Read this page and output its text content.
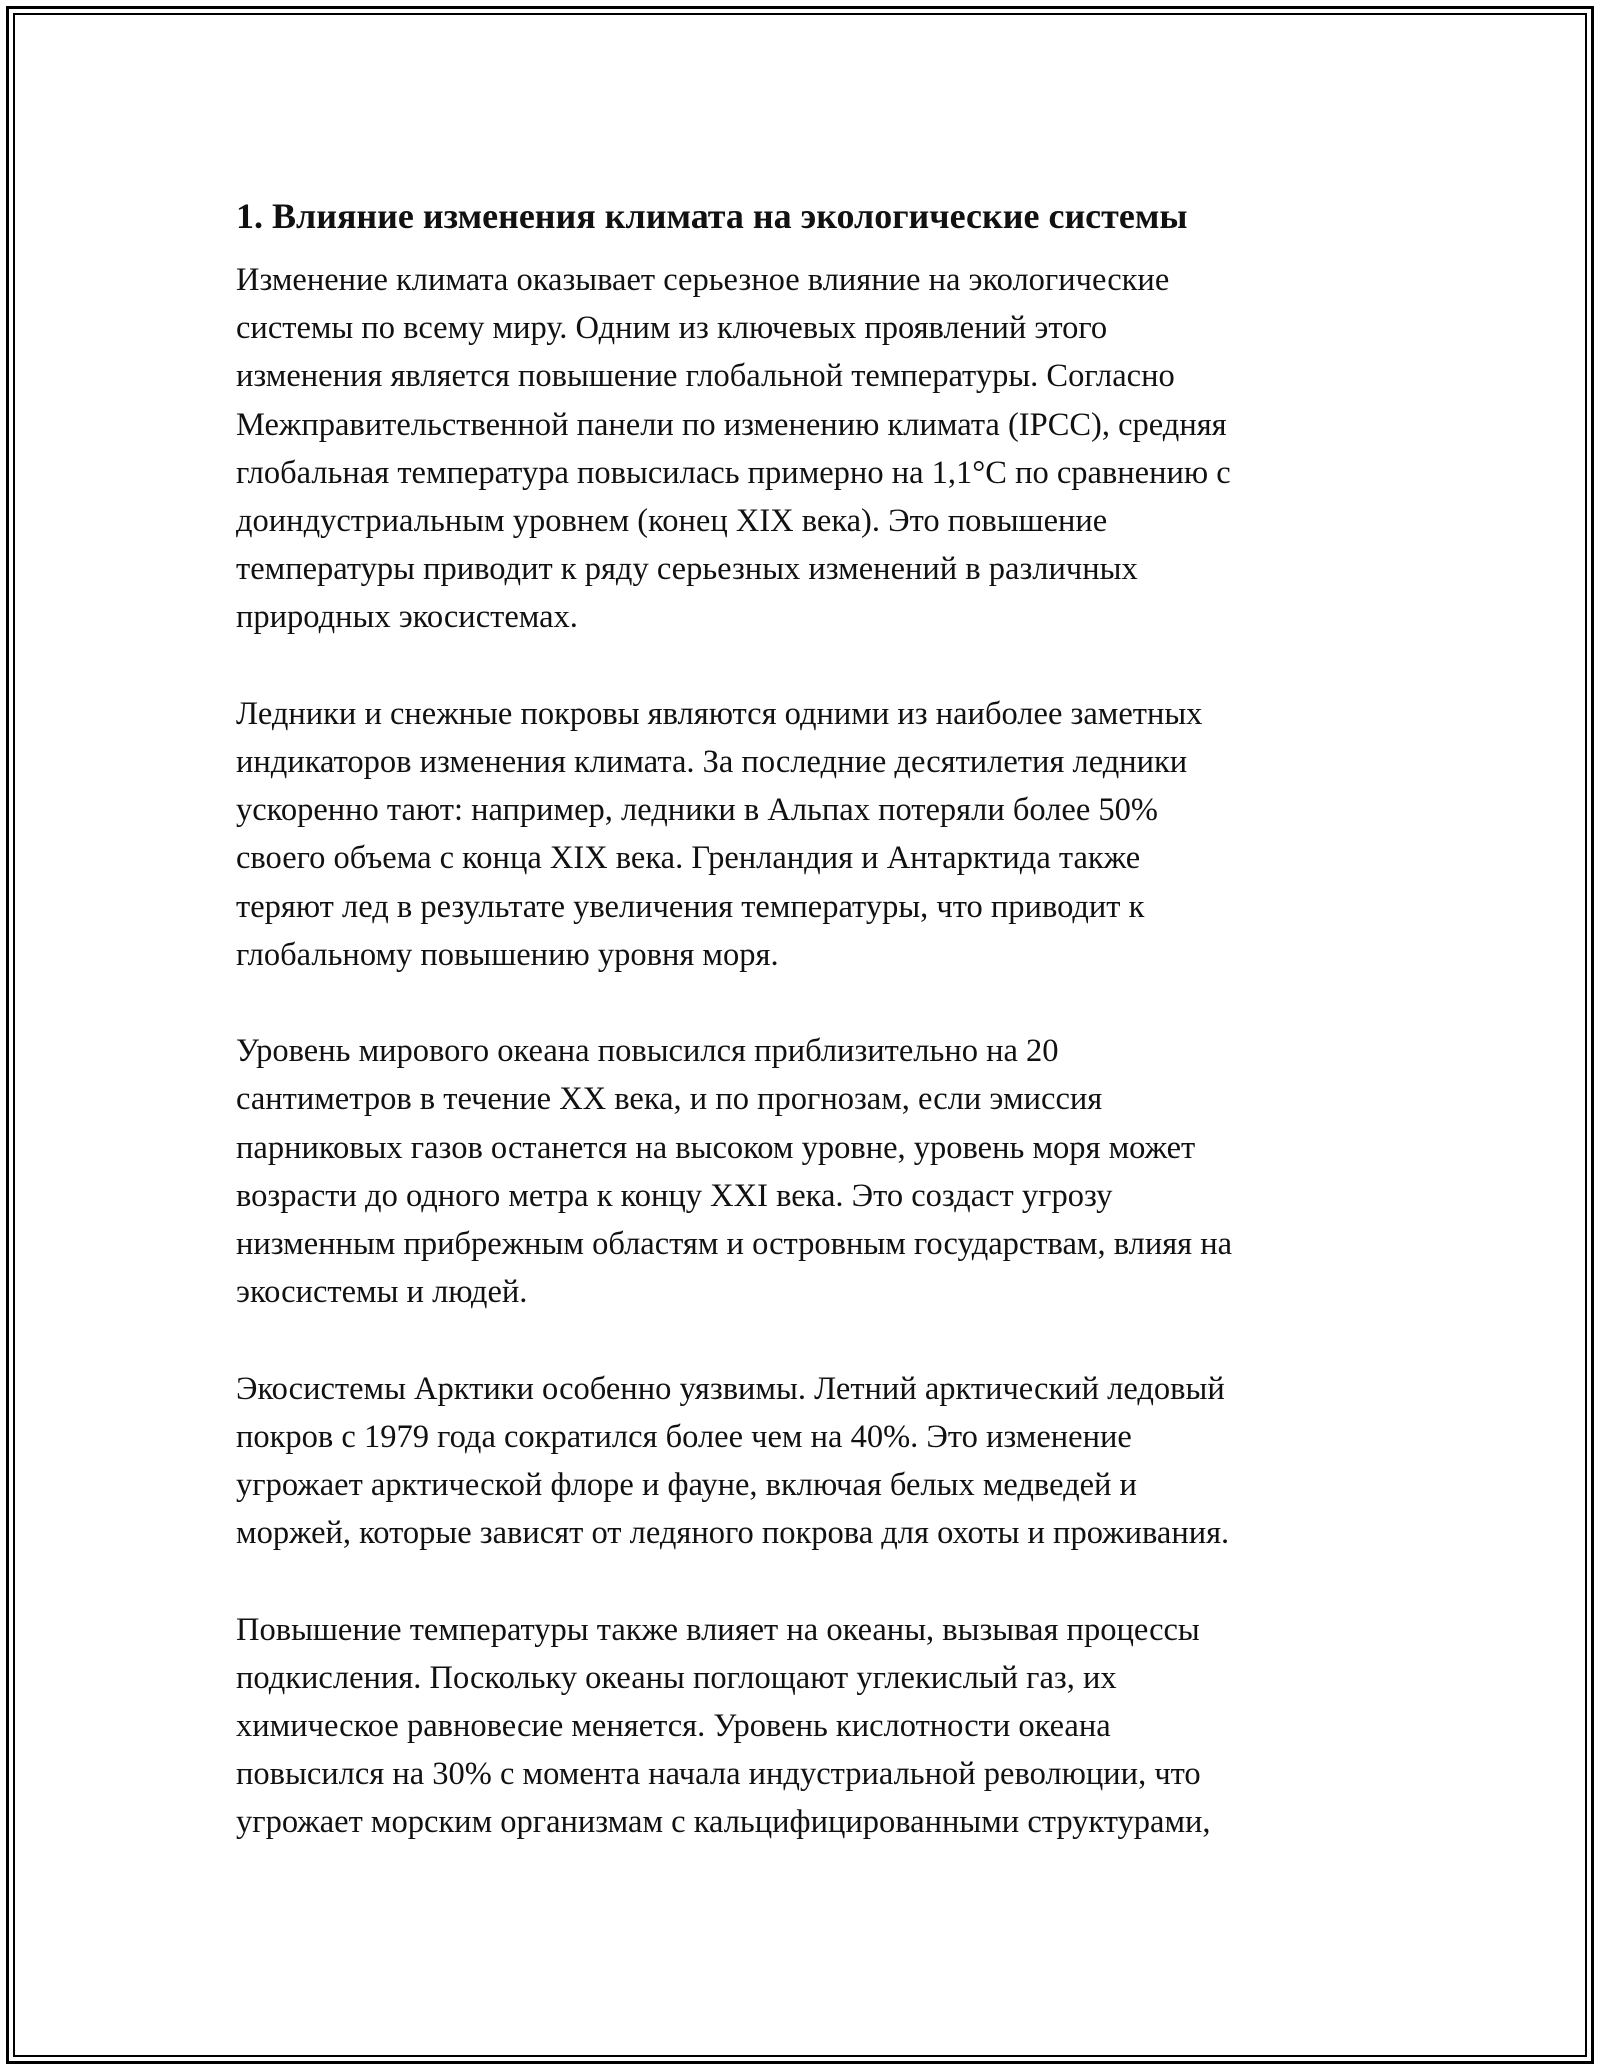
1. Влияние изменения климата на экологические системы
Изменение климата оказывает серьезное влияние на экологические
системы по всему миру. Одним из ключевых проявлений этого
изменения является повышение глобальной температуры. Согласно
Межправительственной панели по изменению климата (IPCC), средняя
глобальная температура повысилась примерно на 1,1°C по сравнению с
доиндустриальным уровнем (конец XIX века). Это повышение
температуры приводит к ряду серьезных изменений в различных
природных экосистемах.
Ледники и снежные покровы являются одними из наиболее заметных
индикаторов изменения климата. За последние десятилетия ледники
ускоренно тают: например, ледники в Альпах потеряли более 50%
своего объема с конца XIX века. Гренландия и Антарктида также
теряют лед в результате увеличения температуры, что приводит к
глобальному повышению уровня моря.
Уровень мирового океана повысился приблизительно на 20
сантиметров в течение XX века, и по прогнозам, если эмиссия
парниковых газов останется на высоком уровне, уровень моря может
возрасти до одного метра к концу XXI века. Это создаст угрозу
низменным прибрежным областям и островным государствам, влияя на
экосистемы и людей.
Экосистемы Арктики особенно уязвимы. Летний арктический ледовый
покров с 1979 года сократился более чем на 40%. Это изменение
угрожает арктической флоре и фауне, включая белых медведей и
моржей, которые зависят от ледяного покрова для охоты и проживания.
Повышение температуры также влияет на океаны, вызывая процессы
подкисления. Поскольку океаны поглощают углекислый газ, их
химическое равновесие меняется. Уровень кислотности океана
повысился на 30% с момента начала индустриальной революции, что
угрожает морским организмам с кальцифицированными структурами,
